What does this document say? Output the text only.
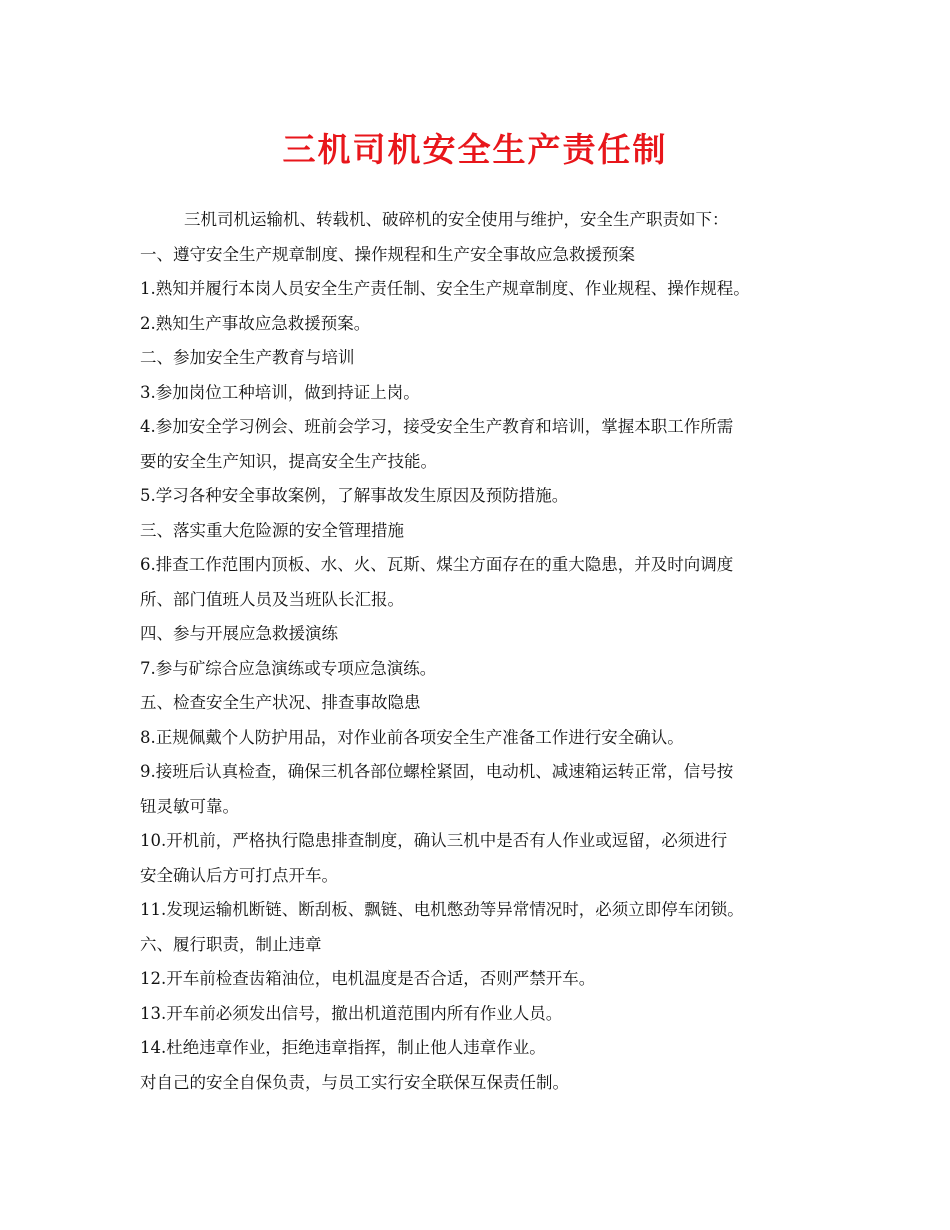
三机司机安全生产责任制
三机司机运输机、转载机、破碎机的安全使用与维护，安全生产职责如下：
一、遵守安全生产规章制度、操作规程和生产安全事故应急救援预案
1.熟知并履行本岗人员安全生产责任制、安全生产规章制度、作业规程、操作规程。
2.熟知生产事故应急救援预案。
二、参加安全生产教育与培训
3.参加岗位工种培训，做到持证上岗。
4.参加安全学习例会、班前会学习，接受安全生产教育和培训，掌握本职工作所需
要的安全生产知识，提高安全生产技能。
5.学习各种安全事故案例，了解事故发生原因及预防措施。
三、落实重大危险源的安全管理措施
6.排查工作范围内顶板、水、火、瓦斯、煤尘方面存在的重大隐患，并及时向调度
所、部门值班人员及当班队长汇报。
四、参与开展应急救援演练
7.参与矿综合应急演练或专项应急演练。
五、检查安全生产状况、排查事故隐患
8.正规佩戴个人防护用品，对作业前各项安全生产准备工作进行安全确认。
9.接班后认真检查，确保三机各部位螺栓紧固，电动机、减速箱运转正常，信号按
钮灵敏可靠。
10.开机前，严格执行隐患排查制度，确认三机中是否有人作业或逗留，必须进行
安全确认后方可打点开车。
11.发现运输机断链、断刮板、飘链、电机憋劲等异常情况时，必须立即停车闭锁。
六、履行职责，制止违章
12.开车前检查齿箱油位，电机温度是否合适，否则严禁开车。
13.开车前必须发出信号，撤出机道范围内所有作业人员。
14.杜绝违章作业，拒绝违章指挥，制止他人违章作业。
对自己的安全自保负责，与员工实行安全联保互保责任制。
